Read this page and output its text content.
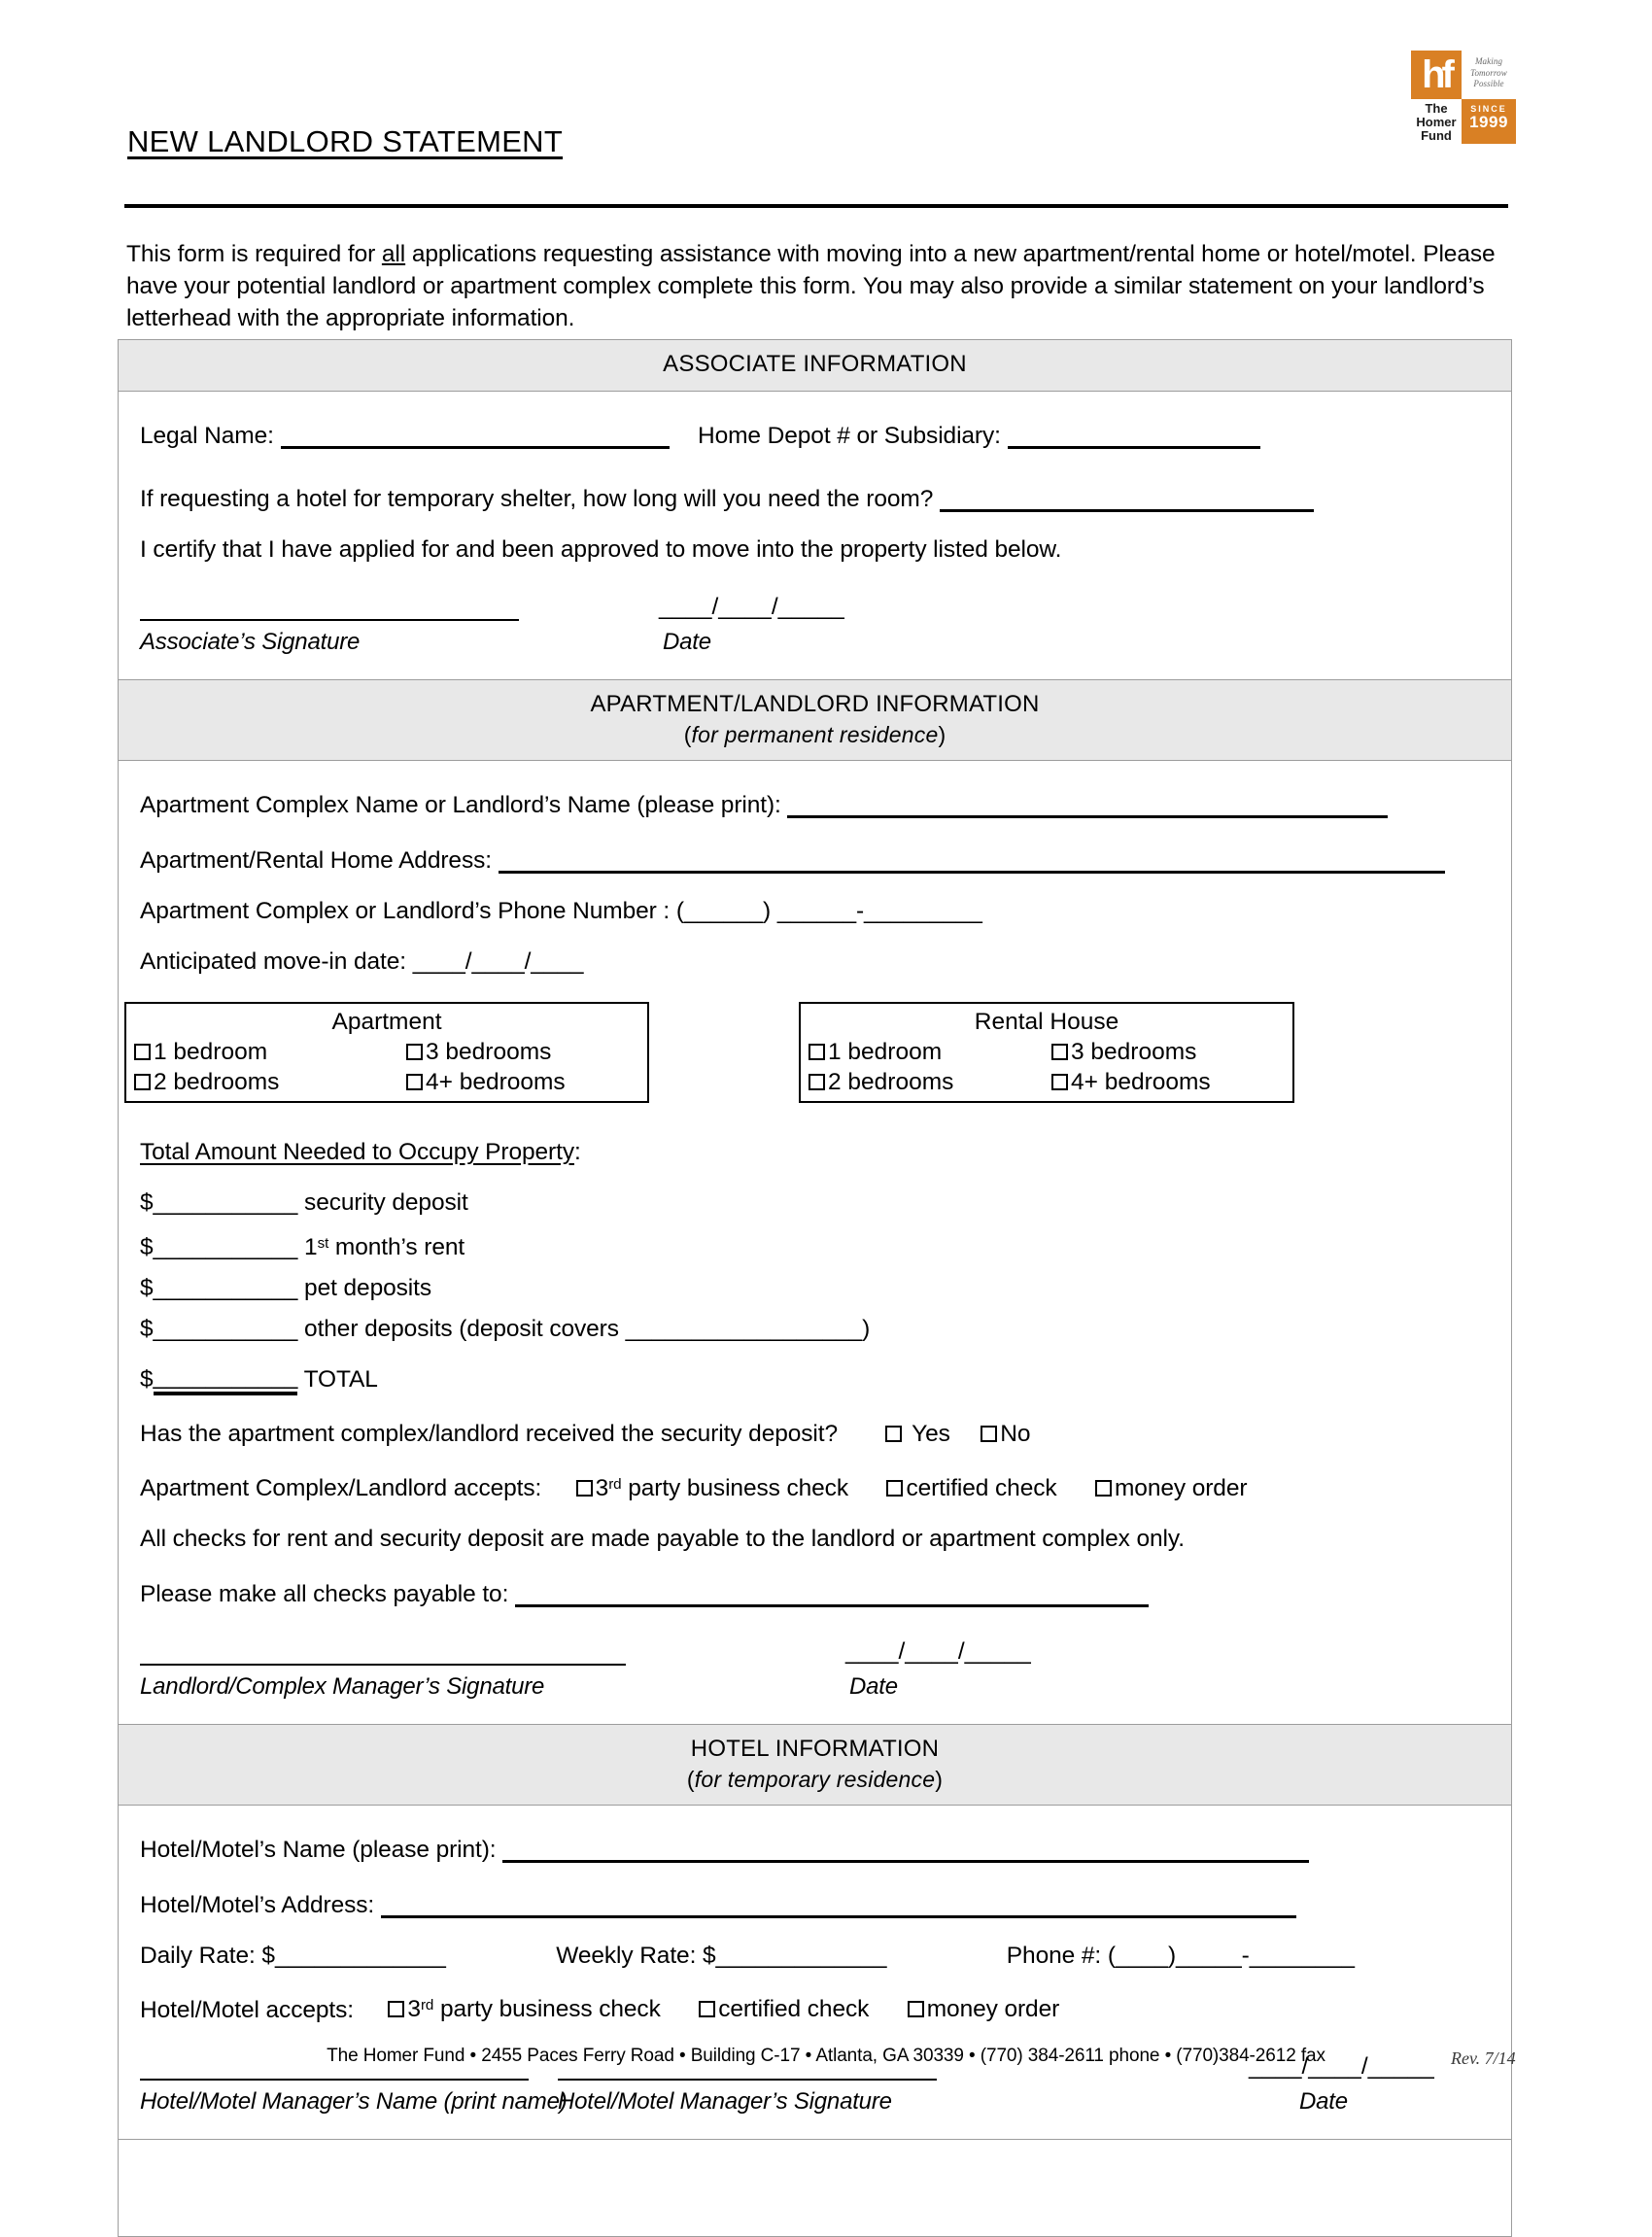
hf	Making
Tomorrow
Possible
The
Homer
Fund
SINCE
1999
NEW LANDLORD STATEMENT
This form is required for all applications requesting assistance with moving into a new apartment/rental home or hotel/motel. Please have your potential landlord or apartment complex complete this form. You may also provide a similar statement on your landlord’s letterhead with the appropriate information.
ASSOCIATE INFORMATION

Legal Name:	Home Depot # or Subsidiary:
If requesting a hotel for temporary shelter, how long will you need the room?
I certify that I have applied for and been approved to move into the property listed below.
Associate’s Signature
____/____/_____
Date

APARTMENT/LANDLORD INFORMATION
(for permanent residence)

Apartment Complex Name or Landlord’s Name (please print):
Apartment/Rental Home Address:
Apartment Complex or Landlord’s Phone Number : (______) ______-_________
Anticipated move-in date: ____/____/____
Apartment
1 bedroom	3 bedrooms
2 bedrooms	4+ bedrooms
Rental House
1 bedroom	3 bedrooms
2 bedrooms	4+ bedrooms
Total Amount Needed to Occupy Property:
$___________ security deposit
$___________ 1st month’s rent
$___________ pet deposits
$___________ other deposits (deposit covers __________________)
$___________ TOTAL
Has the apartment complex/landlord received the security deposit?	Yes No
Apartment Complex/Landlord accepts: 3rd party business check certified check money order
All checks for rent and security deposit are made payable to the landlord or apartment complex only.
Please make all checks payable to:
Landlord/Complex Manager’s Signature
____/____/_____
Date

HOTEL INFORMATION
(for temporary residence)

Hotel/Motel’s Name (please print):
Hotel/Motel’s Address:
Daily Rate: $_____________	Weekly Rate: $_____________	Phone #: (____)_____-________
Hotel/Motel accepts: 3rd party business check certified check money order
Hotel/Motel Manager’s Name (print name)
Hotel/Motel Manager’s Signature
____/____/_____
Date

The Homer Fund • 2455 Paces Ferry Road • Building C-17 • Atlanta, GA 30339 • (770) 384-2611 phone • (770)384-2612 fax	Rev. 7/14
